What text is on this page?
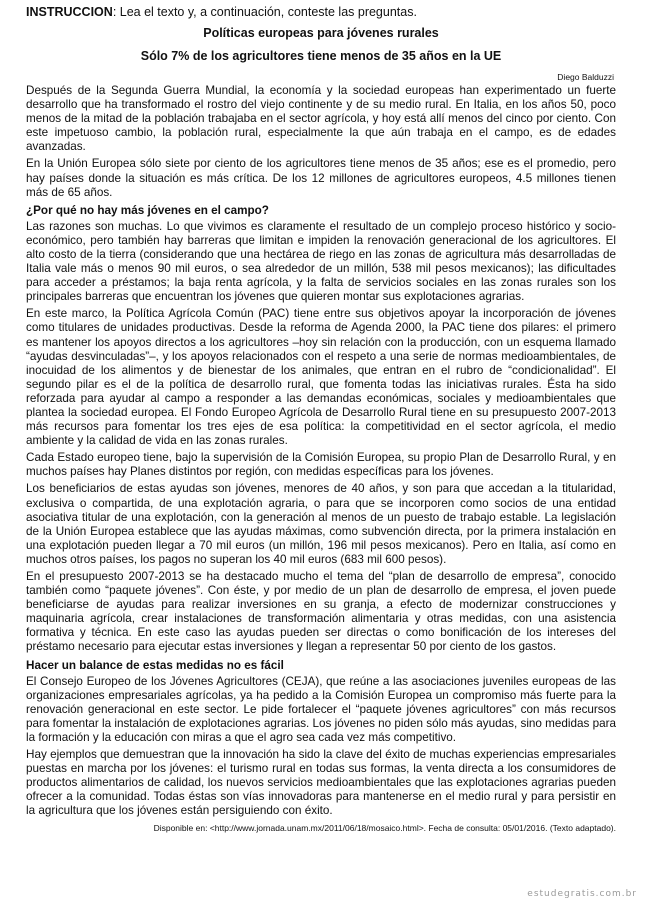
INSTRUCCION: Lea el texto y, a continuación, conteste las preguntas.

Políticas europeas para jóvenes rurales

Sólo 7% de los agricultores tiene menos de 35 años en la UE

Diego Balduzzi

Después de la Segunda Guerra Mundial, la economía y la sociedad europeas han experimentado un fuerte desarrollo que ha transformado el rostro del viejo continente y de su medio rural. En Italia, en los años 50, poco menos de la mitad de la población trabajaba en el sector agrícola, y hoy está allí menos del cinco por ciento. Con este impetuoso cambio, la población rural, especialmente la que aún trabaja en el campo, es de edades avanzadas.

En la Unión Europea sólo siete por ciento de los agricultores tiene menos de 35 años; ese es el promedio, pero hay países donde la situación es más crítica. De los 12 millones de agricultores europeos, 4.5 millones tienen más de 65 años.

¿Por qué no hay más jóvenes en el campo?

Las razones son muchas. Lo que vivimos es claramente el resultado de un complejo proceso histórico y socio-económico, pero también hay barreras que limitan e impiden la renovación generacional de los agricultores. El alto costo de la tierra (considerando que una hectárea de riego en las zonas de agricultura más desarrolladas de Italia vale más o menos 90 mil euros, o sea alrededor de un millón, 538 mil pesos mexicanos); las dificultades para acceder a préstamos; la baja renta agrícola, y la falta de servicios sociales en las zonas rurales son los principales barreras que encuentran los jóvenes que quieren montar sus explotaciones agrarias.

En este marco, la Política Agrícola Común (PAC) tiene entre sus objetivos apoyar la incorporación de jóvenes como titulares de unidades productivas. Desde la reforma de Agenda 2000, la PAC tiene dos pilares: el primero es mantener los apoyos directos a los agricultores –hoy sin relación con la producción, con un esquema llamado “ayudas desvinculadas”–, y los apoyos relacionados con el respeto a una serie de normas medioambientales, de inocuidad de los alimentos y de bienestar de los animales, que entran en el rubro de “condicionalidad”. El segundo pilar es el de la política de desarrollo rural, que fomenta todas las iniciativas rurales. Ésta ha sido reforzada para ayudar al campo a responder a las demandas económicas, sociales y medioambientales que plantea la sociedad europea. El Fondo Europeo Agrícola de Desarrollo Rural tiene en su presupuesto 2007-2013 más recursos para fomentar los tres ejes de esa política: la competitividad en el sector agrícola, el medio ambiente y la calidad de vida en las zonas rurales.

Cada Estado europeo tiene, bajo la supervisión de la Comisión Europea, su propio Plan de Desarrollo Rural, y en muchos países hay Planes distintos por región, con medidas específicas para los jóvenes.

Los beneficiarios de estas ayudas son jóvenes, menores de 40 años, y son para que accedan a la titularidad, exclusiva o compartida, de una explotación agraria, o para que se incorporen como socios de una entidad asociativa titular de una explotación, con la generación al menos de un puesto de trabajo estable. La legislación de la Unión Europea establece que las ayudas máximas, como subvención directa, por la primera instalación en una explotación pueden llegar a 70 mil euros (un millón, 196 mil pesos mexicanos). Pero en Italia, así como en muchos otros países, los pagos no superan los 40 mil euros (683 mil 600 pesos).

En el presupuesto 2007-2013 se ha destacado mucho el tema del “plan de desarrollo de empresa”, conocido también como “paquete jóvenes”. Con éste, y por medio de un plan de desarrollo de empresa, el joven puede beneficiarse de ayudas para realizar inversiones en su granja, a efecto de modernizar construcciones y maquinaria agrícola, crear instalaciones de transformación alimentaria y otras medidas, con una asistencia formativa y técnica. En este caso las ayudas pueden ser directas o como bonificación de los intereses del préstamo necesario para ejecutar estas inversiones y llegan a representar 50 por ciento de los gastos.

Hacer un balance de estas medidas no es fácil

El Consejo Europeo de los Jóvenes Agricultores (CEJA), que reúne a las asociaciones juveniles europeas de las organizaciones empresariales agrícolas, ya ha pedido a la Comisión Europea un compromiso más fuerte para la renovación generacional en este sector. Le pide fortalecer el “paquete jóvenes agricultores” con más recursos para fomentar la instalación de explotaciones agrarias. Los jóvenes no piden sólo más ayudas, sino medidas para la formación y la educación con miras a que el agro sea cada vez más competitivo.

Hay ejemplos que demuestran que la innovación ha sido la clave del éxito de muchas experiencias empresariales puestas en marcha por los jóvenes: el turismo rural en todas sus formas, la venta directa a los consumidores de productos alimentarios de calidad, los nuevos servicios medioambientales que las explotaciones agrarias pueden ofrecer a la comunidad. Todas éstas son vías innovadoras para mantenerse en el medio rural y para persistir en la agricultura que los jóvenes están persiguiendo con éxito.

Disponible en: <http://www.jornada.unam.mx/2011/06/18/mosaico.html>. Fecha de consulta: 05/01/2016. (Texto adaptado).

estudegratis.com.br
